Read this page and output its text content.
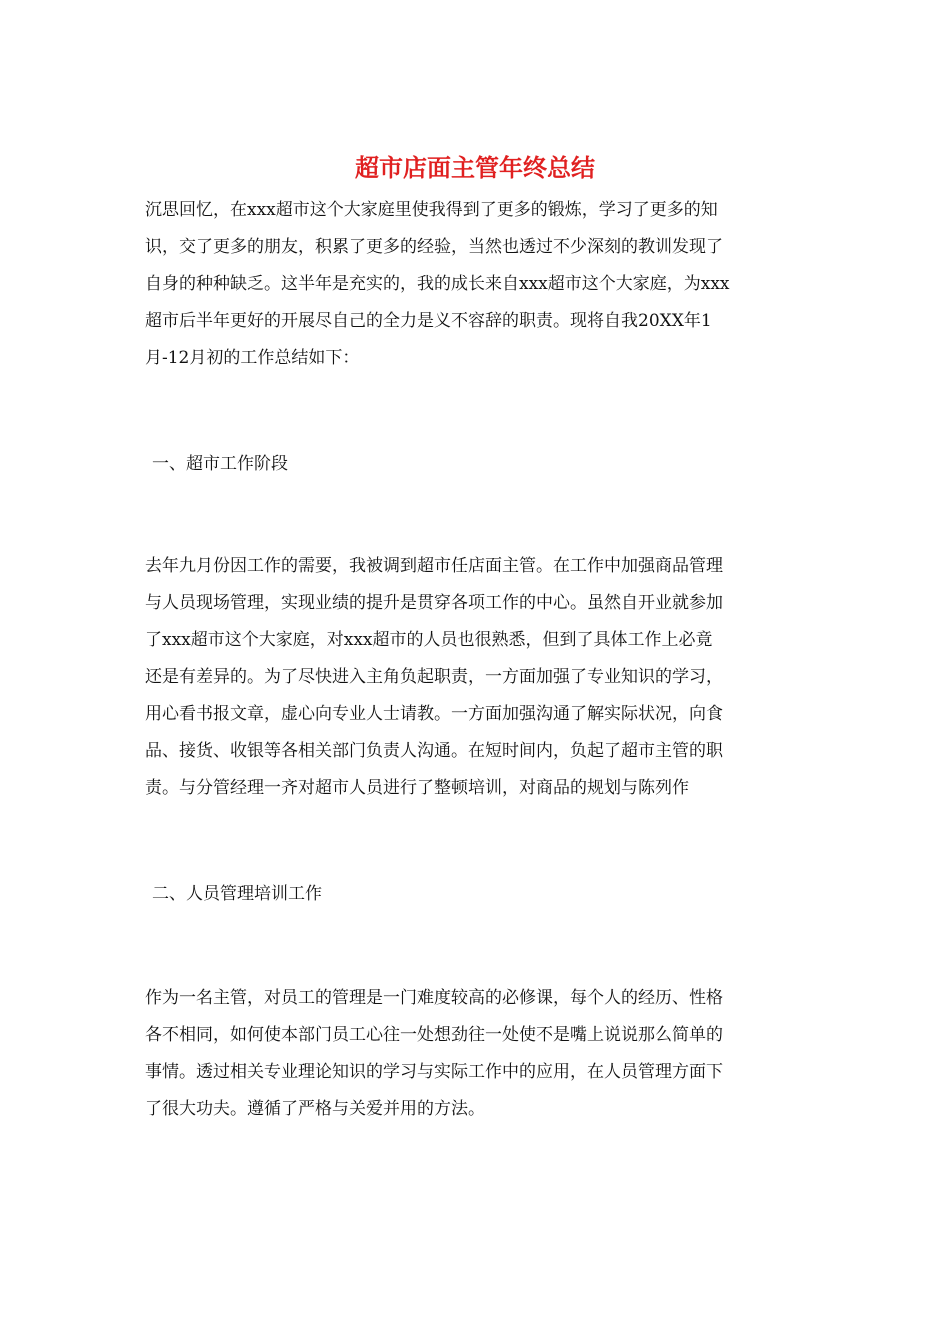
超市店面主管年终总结

沉思回忆，在xxx超市这个大家庭里使我得到了更多的锻炼，学习了更多的知
识，交了更多的朋友，积累了更多的经验，当然也透过不少深刻的教训发现了
自身的种种缺乏。这半年是充实的，我的成长来自xxx超市这个大家庭，为xxx
超市后半年更好的开展尽自己的全力是义不容辞的职责。现将自我20XX年1
月-12月初的工作总结如下：

一、超市工作阶段

去年九月份因工作的需要，我被调到超市任店面主管。在工作中加强商品管理
与人员现场管理，实现业绩的提升是贯穿各项工作的中心。虽然自开业就参加
了xxx超市这个大家庭，对xxx超市的人员也很熟悉，但到了具体工作上必竟
还是有差异的。为了尽快进入主角负起职责，一方面加强了专业知识的学习，
用心看书报文章，虚心向专业人士请教。一方面加强沟通了解实际状况，向食
品、接货、收银等各相关部门负责人沟通。在短时间内，负起了超市主管的职
责。与分管经理一齐对超市人员进行了整顿培训，对商品的规划与陈列作

二、人员管理培训工作

作为一名主管，对员工的管理是一门难度较高的必修课，每个人的经历、性格
各不相同，如何使本部门员工心往一处想劲往一处使不是嘴上说说那么简单的
事情。透过相关专业理论知识的学习与实际工作中的应用，在人员管理方面下
了很大功夫。遵循了严格与关爱并用的方法。
